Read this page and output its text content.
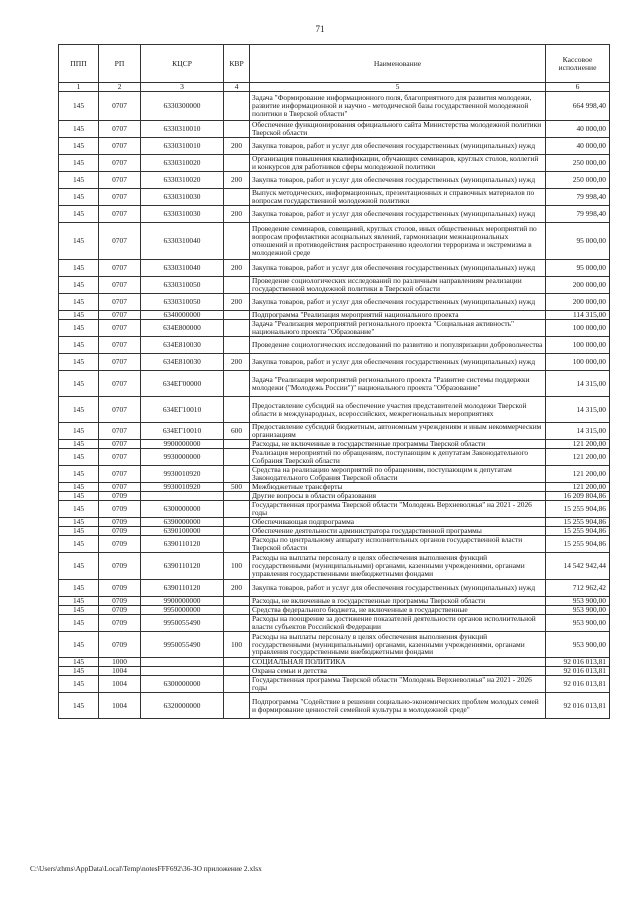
71
ППП	РП	КЦСР	КВР	Наименование	Кассовое исполнение
1	2	3	4	5	6
145	0707	6330300000		Задача "Формирование информационного поля, благоприятного для развития молодежи, развитие информационной и научно - методической базы государственной молодежной политики в Тверской области"	664 998,40
145	0707	6330310010		Обеспечение функционирования официального сайта Министерства молодежной политики Тверской области	40 000,00
145	0707	6330310010	200	Закупка товаров, работ и услуг для обеспечения государственных (муниципальных) нужд	40 000,00
145	0707	6330310020		Организация повышения квалификации, обучающих семинаров, круглых столов, коллегий и конкурсов для работников сферы молодежной политики	250 000,00
145	0707	6330310020	200	Закупка товаров, работ и услуг для обеспечения государственных (муниципальных) нужд	250 000,00
145	0707	6330310030		Выпуск методических, информационных, презентационных и справочных материалов по вопросам государственной молодежной политики	79 998,40
145	0707	6330310030	200	Закупка товаров, работ и услуг для обеспечения государственных (муниципальных) нужд	79 998,40
145	0707	6330310040		Проведение семинаров, совещаний, круглых столов, иных общественных мероприятий по вопросам профилактики асоциальных явлений, гармонизации межнациональных отношений и противодействия распространению идеологии терроризма и экстремизма в молодежной среде	95 000,00
145	0707	6330310040	200	Закупка товаров, работ и услуг для обеспечения государственных (муниципальных) нужд	95 000,00
145	0707	6330310050		Проведение социологических исследований по различным направлениям реализации государственной молодежной политики в Тверской области	200 000,00
145	0707	6330310050	200	Закупка товаров, работ и услуг для обеспечения государственных (муниципальных) нужд	200 000,00
145	0707	6340000000		Подпрограмма "Реализация мероприятий национального проекта	114 315,00
145	0707	634E800000		Задача "Реализация мероприятий регионального проекта "Социальная активность" национального проекта "Образование"	100 000,00
145	0707	634E810030		Проведение социологических исследований по развитию и популяризации добровольчества	100 000,00
145	0707	634E810030	200	Закупка товаров, работ и услуг для обеспечения государственных (муниципальных) нужд	100 000,00
145	0707	634ЕГ00000		Задача "Реализация мероприятий регионального проекта "Развитие системы поддержки молодежи ("Молодежь России")" национального проекта "Образование"	14 315,00
145	0707	634ЕГ10010		Предоставление субсидий на обеспечение участия представителей молодежи Тверской области в международных, всероссийских, межрегиональных мероприятиях	14 315,00
145	0707	634ЕГ10010	600	Предоставление субсидий бюджетным, автономным учреждениям и иным некоммерческим организациям	14 315,00
145	0707	9900000000		Расходы, не включенные в государственные программы Тверской области	121 200,00
145	0707	9930000000		Реализация мероприятий по обращениям, поступающим к депутатам Законодательного Собрания Тверской области	121 200,00
145	0707	9930010920		Средства на реализацию мероприятий по обращениям, поступающим к депутатам Законодательного Собрания Тверской области	121 200,00
145	0707	9930010920	500	Межбюджетные трансферты	121 200,00
145	0709			Другие вопросы в области образования	16 209 804,86
145	0709	6300000000		Государственная программа Тверской области "Молодежь Верхневолжья" на 2021 - 2026 годы	15 255 904,86
145	0709	6390000000		Обеспечивающая подпрограмма	15 255 904,86
145	0709	6390100000		Обеспечение деятельности администратора государственной программы	15 255 904,86
145	0709	6390110120		Расходы по центральному аппарату исполнительных органов государственной власти Тверской области	15 255 904,86
145	0709	6390110120	100	Расходы на выплаты персоналу в целях обеспечения выполнения функций государственными (муниципальными) органами, казенными учреждениями, органами управления государственными внебюджетными фондами	14 542 942,44
145	0709	6390110120	200	Закупка товаров, работ и услуг для обеспечения государственных (муниципальных) нужд	712 962,42
145	0709	9900000000		Расходы, не включенные в государственные программы Тверской области	953 900,00
145	0709	9950000000		Средства федерального бюджета, не включенные в государственные	953 900,00
145	0709	9950055490		Расходы на поощрение за достижение показателей деятельности органов исполнительной власти субъектов Российской Федерации	953 900,00
145	0709	9950055490	100	Расходы на выплаты персоналу в целях обеспечения выполнения функций государственными (муниципальными) органами, казенными учреждениями, органами управления государственными внебюджетными фондами	953 900,00
145	1000			СОЦИАЛЬНАЯ ПОЛИТИКА	92 016 013,81
145	1004			Охрана семьи и детства	92 016 013,81
145	1004	6300000000		Государственная программа Тверской области "Молодежь Верхневолжья" на 2021 - 2026 годы	92 016 013,81
145	1004	6320000000		Подпрограмма "Содействие в решении социально-экономических проблем молодых семей и формирование ценностей семейной культуры в молодежной среде"	92 016 013,81
C:\Users\zhms\AppData\Local\Temp\notesFFF692\36-ЗО приложение 2.xlsx
